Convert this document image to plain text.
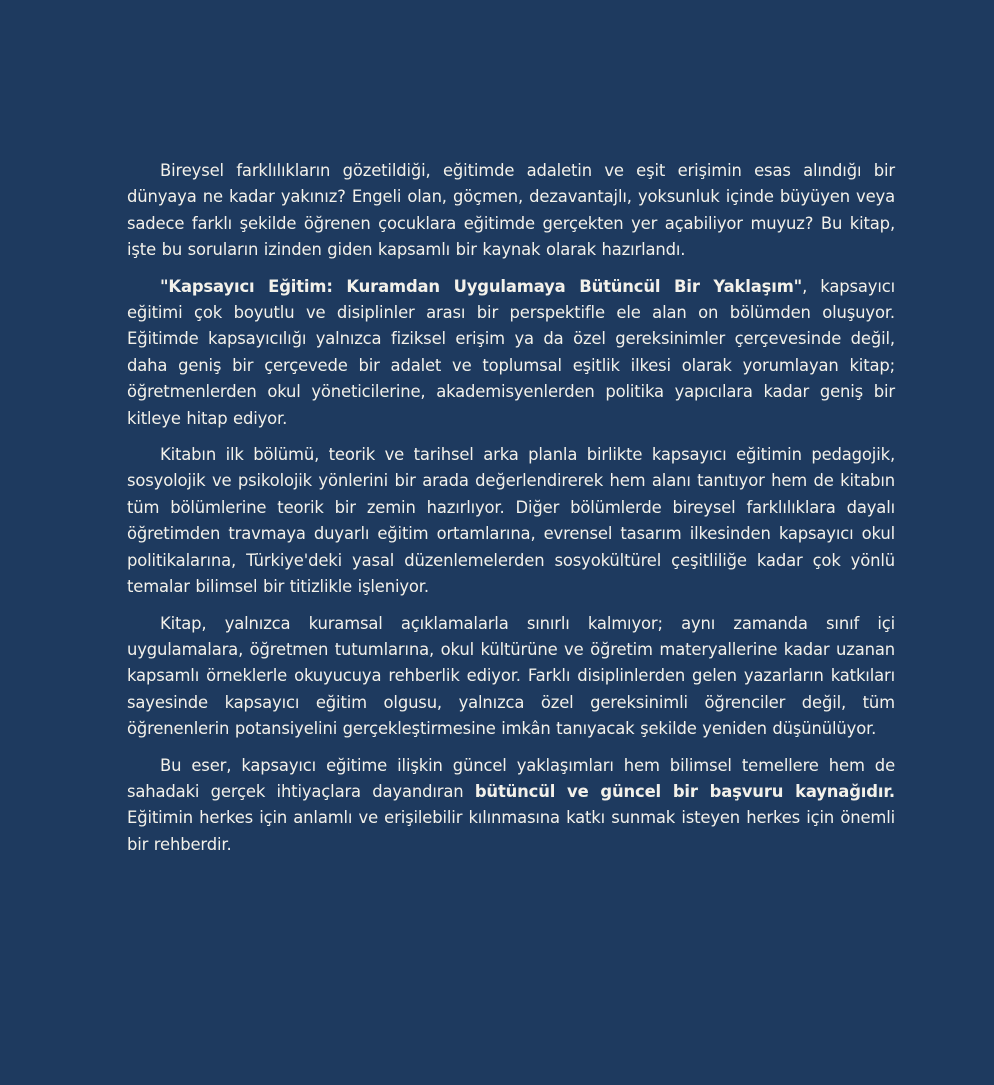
Bireysel farklılıkların gözetildiği, eğitimde adaletin ve eşit erişimin esas alındığı bir dünyaya ne kadar yakınız? Engeli olan, göçmen, dezavantajlı, yoksunluk içinde büyüyen veya sadece farklı şekilde öğrenen çocuklara eğitimde gerçekten yer açabiliyor muyuz? Bu kitap, işte bu soruların izinden giden kapsamlı bir kaynak olarak hazırlandı.

"Kapsayıcı Eğitim: Kuramdan Uygulamaya Bütüncül Bir Yaklaşım", kapsayıcı eğitimi çok boyutlu ve disiplinler arası bir perspektifle ele alan on bölümden oluşuyor. Eğitimde kapsayıcılığı yalnızca fiziksel erişim ya da özel gereksinimler çerçevesinde değil, daha geniş bir çerçevede bir adalet ve toplumsal eşitlik ilkesi olarak yorumlayan kitap; öğretmenlerden okul yöneticilerine, akademisyenlerden politika yapıcılara kadar geniş bir kitleye hitap ediyor.

Kitabın ilk bölümü, teorik ve tarihsel arka planla birlikte kapsayıcı eğitimin pedagojik, sosyolojik ve psikolojik yönlerini bir arada değerlendirerek hem alanı tanıtıyor hem de kitabın tüm bölümlerine teorik bir zemin hazırlıyor. Diğer bölümlerde bireysel farklılıklara dayalı öğretimden travmaya duyarlı eğitim ortamlarına, evrensel tasarım ilkesinden kapsayıcı okul politikalarına, Türkiye'deki yasal düzenlemelerden sosyokültürel çeşitliliğe kadar çok yönlü temalar bilimsel bir titizlikle işleniyor.

Kitap, yalnızca kuramsal açıklamalarla sınırlı kalmıyor; aynı zamanda sınıf içi uygulamalara, öğretmen tutumlarına, okul kültürüne ve öğretim materyallerine kadar uzanan kapsamlı örneklerle okuyucuya rehberlik ediyor. Farklı disiplinlerden gelen yazarların katkıları sayesinde kapsayıcı eğitim olgusu, yalnızca özel gereksinimli öğrenciler değil, tüm öğrenenlerin potansiyelini gerçekleştirmesine imkân tanıyacak şekilde yeniden düşünülüyor.

Bu eser, kapsayıcı eğitime ilişkin güncel yaklaşımları hem bilimsel temellere hem de sahadaki gerçek ihtiyaçlara dayandıran bütüncül ve güncel bir başvuru kaynağıdır. Eğitimin herkes için anlamlı ve erişilebilir kılınmasına katkı sunmak isteyen herkes için önemli bir rehberdir.
